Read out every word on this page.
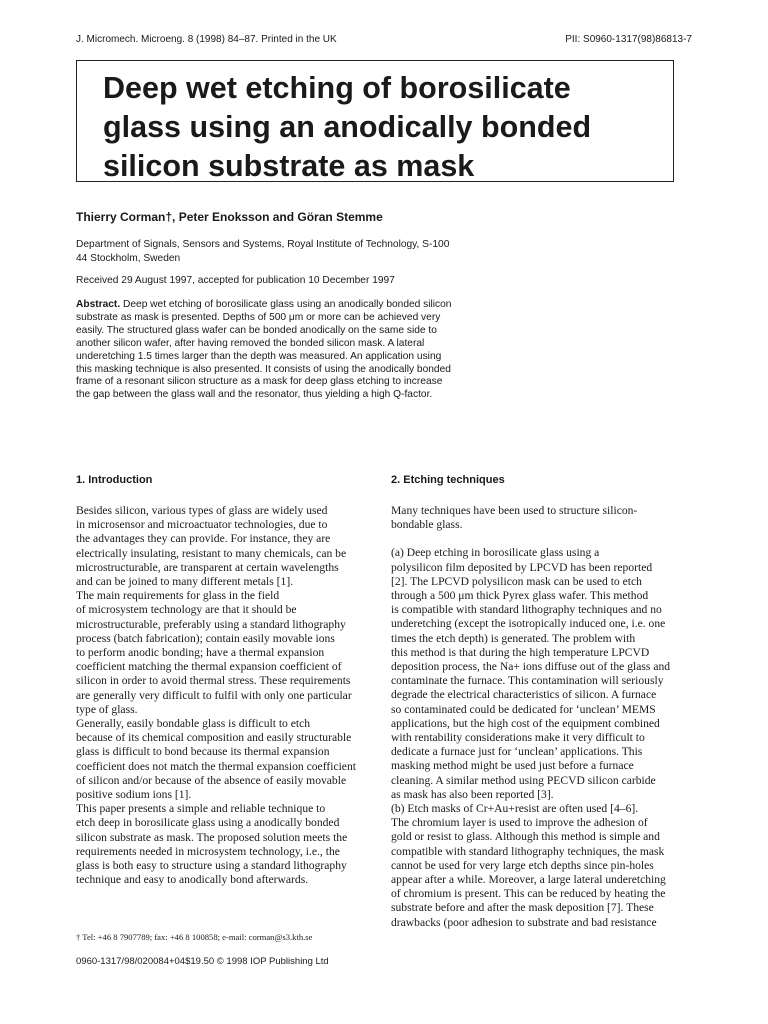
J. Micromech. Microeng. 8 (1998) 84–87. Printed in the UK	PII: S0960-1317(98)86813-7
Deep wet etching of borosilicate
glass using an anodically bonded
silicon substrate as mask
Thierry Corman†, Peter Enoksson and Göran Stemme
Department of Signals, Sensors and Systems, Royal Institute of Technology, S-100
44 Stockholm, Sweden
Received 29 August 1997, accepted for publication 10 December 1997
Abstract. Deep wet etching of borosilicate glass using an anodically bonded silicon
substrate as mask is presented. Depths of 500 μm or more can be achieved very
easily. The structured glass wafer can be bonded anodically on the same side to
another silicon wafer, after having removed the bonded silicon mask. A lateral
underetching 1.5 times larger than the depth was measured. An application using
this masking technique is also presented. It consists of using the anodically bonded
frame of a resonant silicon structure as a mask for deep glass etching to increase
the gap between the glass wall and the resonator, thus yielding a high Q-factor.
1. Introduction	2. Etching techniques

Besides silicon, various types of glass are widely used
in microsensor and microactuator technologies, due to
the advantages they can provide. For instance, they are
electrically insulating, resistant to many chemicals, can be
microstructurable, are transparent at certain wavelengths
and can be joined to many different metals [1].

The main requirements for glass in the field
of microsystem technology are that it should be
microstructurable, preferably using a standard lithography
process (batch fabrication); contain easily movable ions
to perform anodic bonding; have a thermal expansion
coefficient matching the thermal expansion coefficient of
silicon in order to avoid thermal stress. These requirements
are generally very difficult to fulfil with only one particular
type of glass.

Generally, easily bondable glass is difficult to etch
because of its chemical composition and easily structurable
glass is difficult to bond because its thermal expansion
coefficient does not match the thermal expansion coefficient
of silicon and/or because of the absence of easily movable
positive sodium ions [1].

This paper presents a simple and reliable technique to
etch deep in borosilicate glass using a anodically bonded
silicon substrate as mask. The proposed solution meets the
requirements needed in microsystem technology, i.e., the
glass is both easy to structure using a standard lithography
technique and easy to anodically bond afterwards.

Many techniques have been used to structure silicon-
bondable glass.

(a) Deep etching in borosilicate glass using a
polysilicon film deposited by LPCVD has been reported
[2]. The LPCVD polysilicon mask can be used to etch
through a 500 μm thick Pyrex glass wafer. This method
is compatible with standard lithography techniques and no
underetching (except the isotropically induced one, i.e. one
times the etch depth) is generated. The problem with
this method is that during the high temperature LPCVD
deposition process, the Na+ ions diffuse out of the glass and
contaminate the furnace. This contamination will seriously
degrade the electrical characteristics of silicon. A furnace
so contaminated could be dedicated for ‘unclean’ MEMS
applications, but the high cost of the equipment combined
with rentability considerations make it very difficult to
dedicate a furnace just for ‘unclean’ applications. This
masking method might be used just before a furnace
cleaning. A similar method using PECVD silicon carbide
as mask has also been reported [3].

(b) Etch masks of Cr+Au+resist are often used [4–6].
The chromium layer is used to improve the adhesion of
gold or resist to glass. Although this method is simple and
compatible with standard lithography techniques, the mask
cannot be used for very large etch depths since pin-holes
appear after a while. Moreover, a large lateral underetching
of chromium is present. This can be reduced by heating the
substrate before and after the mask deposition [7]. These
drawbacks (poor adhesion to substrate and bad resistance

† Tel: +46 8 7907789; fax: +46 8 100858; e-mail: corman@s3.kth.se
0960-1317/98/020084+04$19.50 © 1998 IOP Publishing Ltd
